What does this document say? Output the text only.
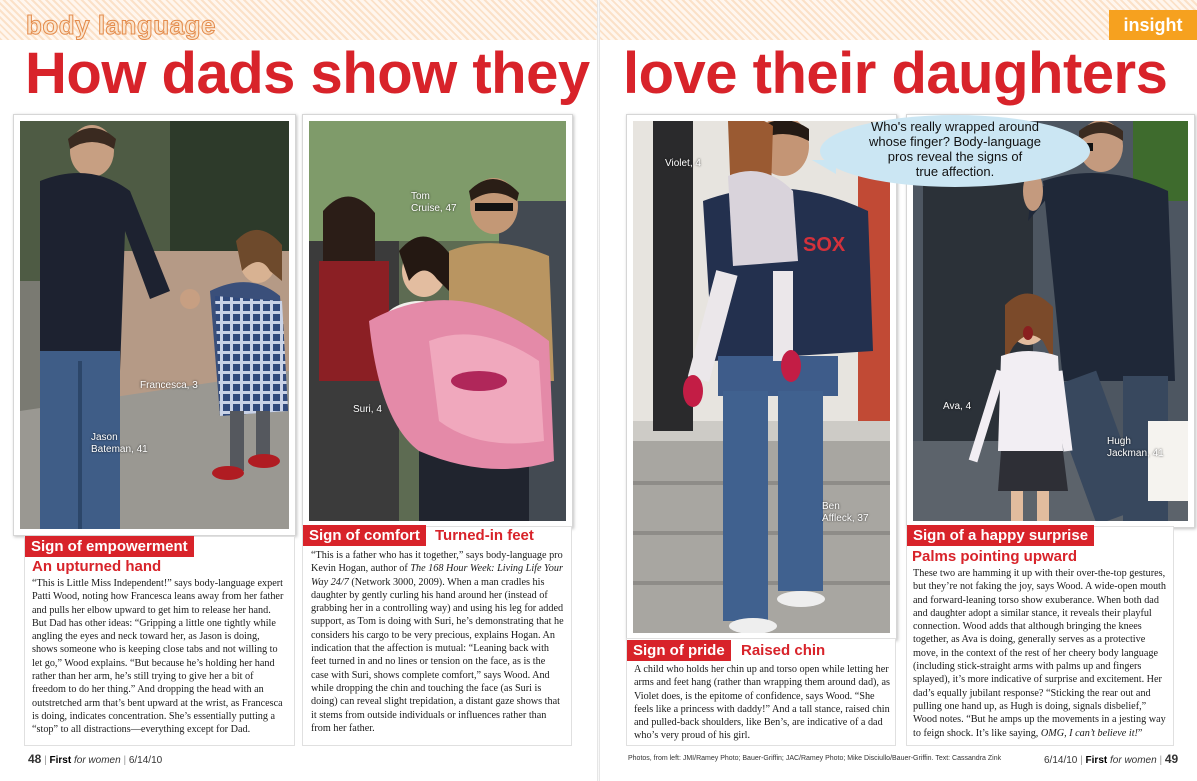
body language	insight
How dads show they love their daughters
Francesca, 3
Jason
Bateman, 41
Sign of empowerment
An upturned hand
“This is Little Miss Independent!” says body-language expert Patti Wood, noting how Francesca leans away from her father and pulls her elbow upward to get him to release her hand. But Dad has other ideas: “Gripping a little one tightly while angling the eyes and neck toward her, as Jason is doing, shows someone who is keeping close tabs and not willing to let go,” Wood explains. “But because he’s holding her hand rather than her arm, he’s still trying to give her a bit of freedom to do her thing.” And dropping the head with an outstretched arm that’s bent upward at the wrist, as Francesca is doing, indicates concentration. She’s essentially putting a “stop” to all distractions—everything except for Dad.
Tom
Cruise, 47
Suri, 4
Sign of comfort	Turned-in feet
“This is a father who has it together,” says body-language pro Kevin Hogan, author of The 168 Hour Week: Living Life Your Way 24/7 (Network 3000, 2009). When a man cradles his daughter by gently curling his hand around her (instead of grabbing her in a controlling way) and using his leg for added support, as Tom is doing with Suri, he’s demonstrating that he considers his cargo to be very precious, explains Hogan. An indication that the affection is mutual: “Leaning back with feet turned in and no lines or tension on the face, as is the case with Suri, shows complete comfort,” says Wood. And while dropping the chin and touching the face (as Suri is doing) can reveal slight trepidation, a distant gaze shows that it stems from outside individuals or influences rather than from her father.
SOX
Violet, 4
Ben
Affleck, 37
Sign of pride	Raised chin
A child who holds her chin up and torso open while letting her arms and feet hang (rather than wrapping them around dad), as Violet does, is the epitome of confidence, says Wood. “She feels like a princess with daddy!” And a tall stance, raised chin and pulled-back shoulders, like Ben’s, are indicative of a dad who’s very proud of his girl.
Ava, 4
Hugh
Jackman, 41
Sign of a happy surprise
Palms pointing upward
These two are hamming it up with their over-the-top gestures, but they’re not faking the joy, says Wood. A wide-open mouth and forward-leaning torso show exuberance. When both dad and daughter adopt a similar stance, it reveals their playful connection. Wood adds that although bringing the knees together, as Ava is doing, generally serves as a protective move, in the context of the rest of her cheery body language (including stick-straight arms with palms up and fingers splayed), it’s more indicative of surprise and excitement. Her dad’s equally jubilant response? “Sticking the rear out and pulling one hand up, as Hugh is doing, signals disbelief,” Wood notes. “But he amps up the movements in a jesting way to feign shock. It’s like saying, OMG, I can’t believe it!”
Who's really wrapped around
whose finger? Body-language
pros reveal the signs of
true affection.
48 | First for women | 6/14/10	Photos, from left: JMI/Ramey Photo; Bauer-Griffin; JAC/Ramey Photo; Mike Disciullo/Bauer-Griffin. Text: Cassandra Zink	6/14/10 | First for women | 49
